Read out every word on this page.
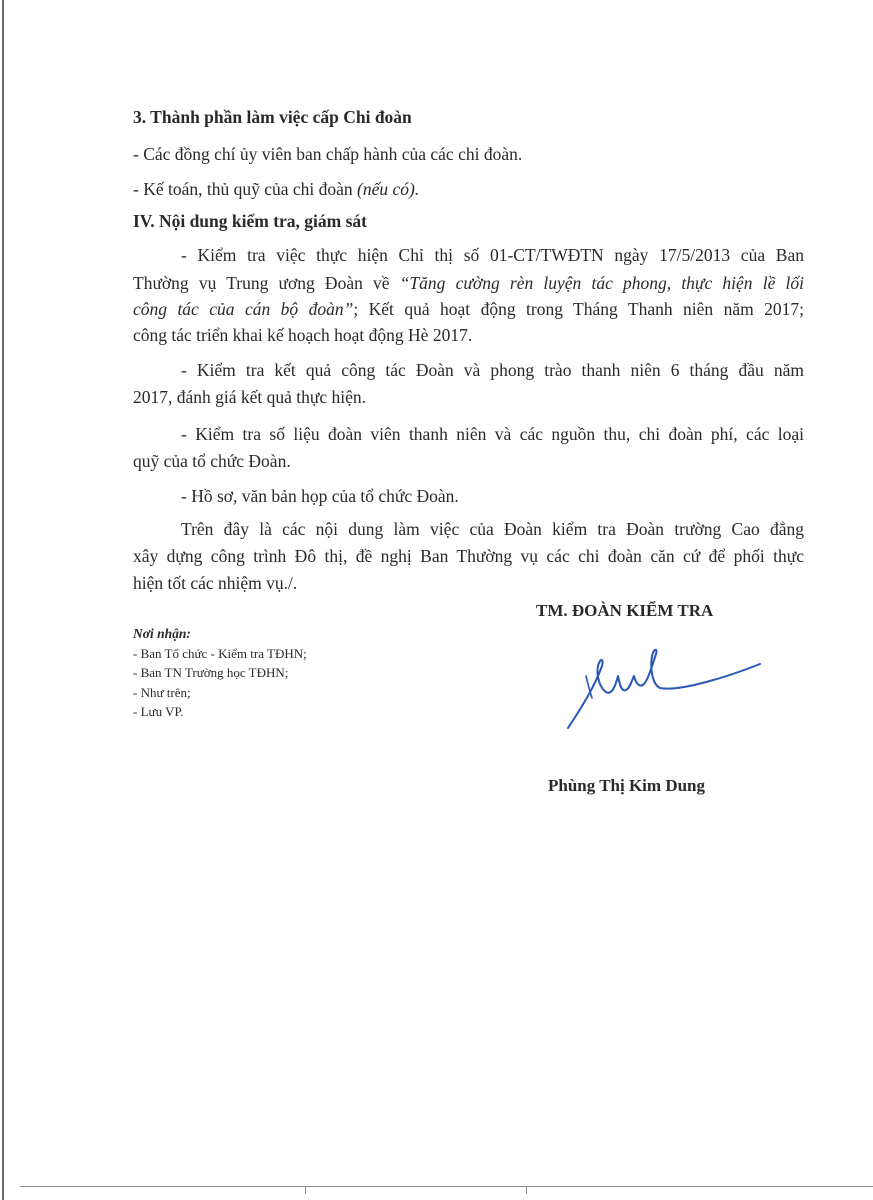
3. Thành phần làm việc cấp Chi đoàn
- Các đồng chí ủy viên ban chấp hành của các chi đoàn.
- Kế toán, thủ quỹ của chi đoàn (nếu có).
IV. Nội dung kiểm tra, giám sát
- Kiểm tra việc thực hiện Chỉ thị số 01-CT/TWĐTN ngày 17/5/2013 của Ban
Thường vụ Trung ương Đoàn về “Tăng cường rèn luyện tác phong, thực hiện lề lối
công tác của cán bộ đoàn”; Kết quả hoạt động trong Tháng Thanh niên năm 2017;
công tác triển khai kế hoạch hoạt động Hè 2017.
- Kiểm tra kết quả công tác Đoàn và phong trào thanh niên 6 tháng đầu năm
2017, đánh giá kết quả thực hiện.
- Kiểm tra số liệu đoàn viên thanh niên và các nguồn thu, chi đoàn phí, các loại
quỹ của tổ chức Đoàn.
- Hồ sơ, văn bản họp của tổ chức Đoàn.
Trên đây là các nội dung làm việc của Đoàn kiểm tra Đoàn trường Cao đẳng
xây dựng công trình Đô thị, đề nghị Ban Thường vụ các chi đoàn căn cứ để phối thực
hiện tốt các nhiệm vụ./.
Nơi nhận:
- Ban Tổ chức - Kiểm tra TĐHN;
- Ban TN Trường học TĐHN;
- Như trên;
- Lưu VP.
TM. ĐOÀN KIỂM TRA
Phùng Thị Kim Dung
